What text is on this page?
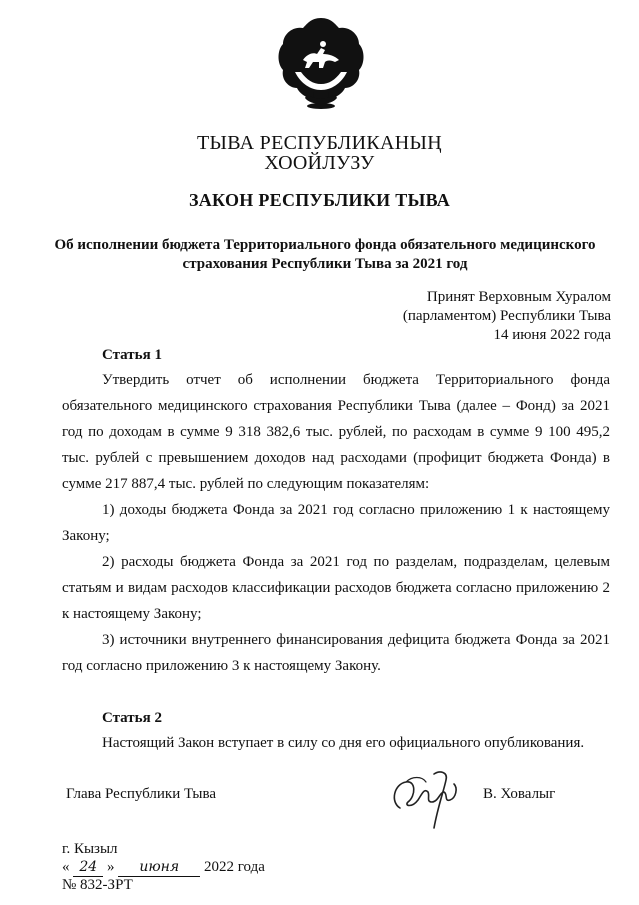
ТЫВА РЕСПУБЛИКАНЫҢ
ХООЙЛУЗУ
ЗАКОН РЕСПУБЛИКИ ТЫВА
Об исполнении бюджета Территориального фонда обязательного медицинского
страхования Республики Тыва за 2021 год
Принят Верховным Хуралом
(парламентом) Республики Тыва
14 июня 2022 года
Статья 1
Утвердить отчет об исполнении бюджета Территориального фонда обязательного медицинского страхования Республики Тыва (далее – Фонд) за 2021 год по доходам в сумме 9 318 382,6 тыс. рублей, по расходам в сумме 9 100 495,2 тыс. рублей с превышением доходов над расходами (профицит бюджета Фонда) в сумме 217 887,4 тыс. рублей по следующим показателям:
1) доходы бюджета Фонда за 2021 год согласно приложению 1 к настоящему Закону;
2) расходы бюджета Фонда за 2021 год по разделам, подразделам, целевым статьям и видам расходов классификации расходов бюджета согласно приложению 2 к настоящему Закону;
3) источники внутреннего финансирования дефицита бюджета Фонда за 2021 год согласно приложению 3 к настоящему Закону.
Статья 2
Настоящий Закон вступает в силу со дня его официального опубликования.
Глава Республики Тыва	В. Ховалыг
г. Кызыл
« 24 » июня 2022 года
№ 832-ЗРТ
